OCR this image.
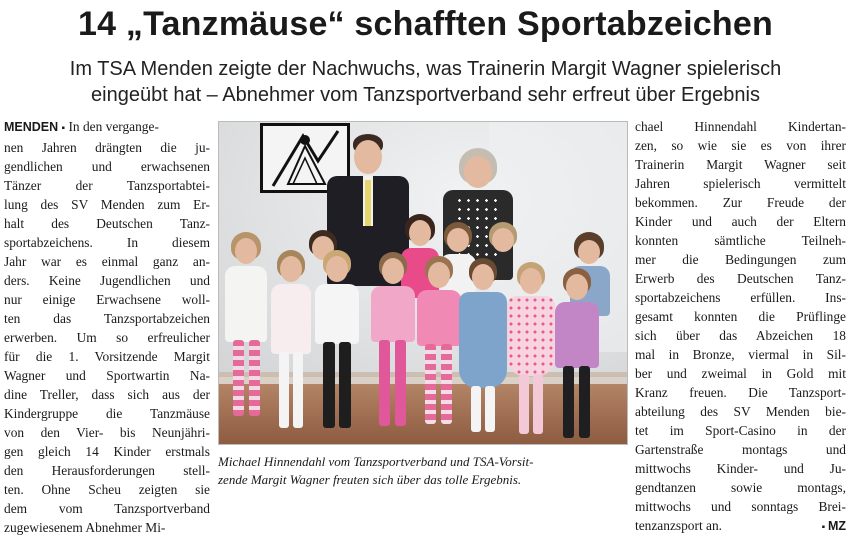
14 „Tanzmäuse“ schafften Sportabzeichen
Im TSA Menden zeigte der Nachwuchs, was Trainerin Margit Wagner spielerisch
eingeübt hat – Abnehmer vom Tanzsportverband sehr erfreut über Ergebnis
MENDEN ▪ In den vergange-
nen Jahren drängten die ju-
gendlichen und erwachsenen
Tänzer der Tanzsportabtei-
lung des SV Menden zum Er-
halt des Deutschen Tanz-
sportabzeichens. In diesem
Jahr war es einmal ganz an-
ders. Keine Jugendlichen und
nur einige Erwachsene woll-
ten das Tanzsportabzeichen
erwerben. Um so erfreulicher
für die 1. Vorsitzende Margit
Wagner und Sportwartin Na-
dine Treller, dass sich aus der
Kindergruppe die Tanzmäuse
von den Vier- bis Neunjähri-
gen gleich 14 Kinder erstmals
den Herausforderungen stell-
ten. Ohne Scheu zeigten sie
dem vom Tanzsportverband
zugewiesenem Abnehmer Mi-
Michael Hinnendahl vom Tanzsportverband und TSA-Vorsit-
zende Margit Wagner freuten sich über das tolle Ergebnis.
chael Hinnendahl Kindertan-
zen, so wie sie es von ihrer
Trainerin Margit Wagner seit
Jahren spielerisch vermittelt
bekommen. Zur Freude der
Kinder und auch der Eltern
konnten sämtliche Teilneh-
mer die Bedingungen zum
Erwerb des Deutschen Tanz-
sportabzeichens erfüllen. Ins-
gesamt konnten die Prüflinge
sich über das Abzeichen 18
mal in Bronze, viermal in Sil-
ber und zweimal in Gold mit
Kranz freuen. Die Tanzsport-
abteilung des SV Menden bie-
tet im Sport-Casino in der
Gartenstraße montags und
mittwochs Kinder- und Ju-
gendtanzen sowie montags,
mittwochs und sonntags Brei-
tenzanzsport an.	▪ MZ
